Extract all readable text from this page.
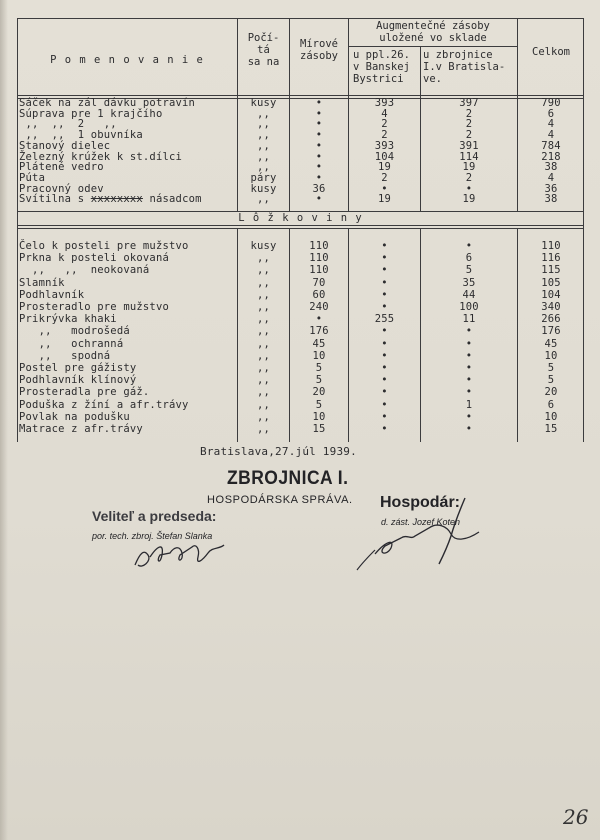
P o m e n o v a n i e
Počí-
tá
sa na
Mírové
zásoby
Augmentečné zásoby
uložené vo sklade
u ppl.26.
v Banskej
Bystrici
u zbrojnice
I.v Bratisla-
ve.
Celkom
Sáček na zál dávku potravín	kusy	•	393	397	790
Súprava pre 1 krajčího	,,	•	4	2	6
,,  ,,  2   ,,	,,	•	2	2	4
,,  ,,  1 obuvníka	,,	•	2	2	4
Stanový dielec	,,	•	393	391	784
Železný krúžek k st.dílci	,,	•	104	114	218
Plátené vedro	,,	•	19	19	38
Púta	páry	•	2	2	4
Pracovný odev	kusy	36	•	•	36
Svítilna s xxxxxxxx násadcom	,,	•	19	19	38
L ô ž k o v i n y
Čelo k posteli pre mužstvo	kusy	110	•	•	110
Prkna k posteli okovaná	,,	110	•	6	116
,,   ,,  neokovaná	,,	110	•	5	115
Slamník	,,	70	•	35	105
Podhlavník	,,	60	•	44	104
Prosteradlo pre mužstvo	,,	240	•	100	340
Prikrývka khaki	,,	•	255	11	266
,,   modrošedá	,,	176	•	•	176
,,   ochranná	,,	45	•	•	45
,,   spodná	,,	10	•	•	10
Postel pre gážisty	,,	5	•	•	5
Podhlavník klínový	,,	5	•	•	5
Prosteradla pre gáž.	,,	20	•	•	20
Poduška z žíní a afr.trávy	,,	5	•	1	6
Povlak na podušku	,,	10	•	•	10
Matrace z afr.trávy	,,	15	•	•	15
Bratislava,27.júl 1939.
ZBROJNICA I.
HOSPODÁRSKA SPRÁVA.
Veliteľ a predseda:
por. tech. zbroj. Štefan Slanka
Hospodár:
d. zást. Jozef Koten
26
